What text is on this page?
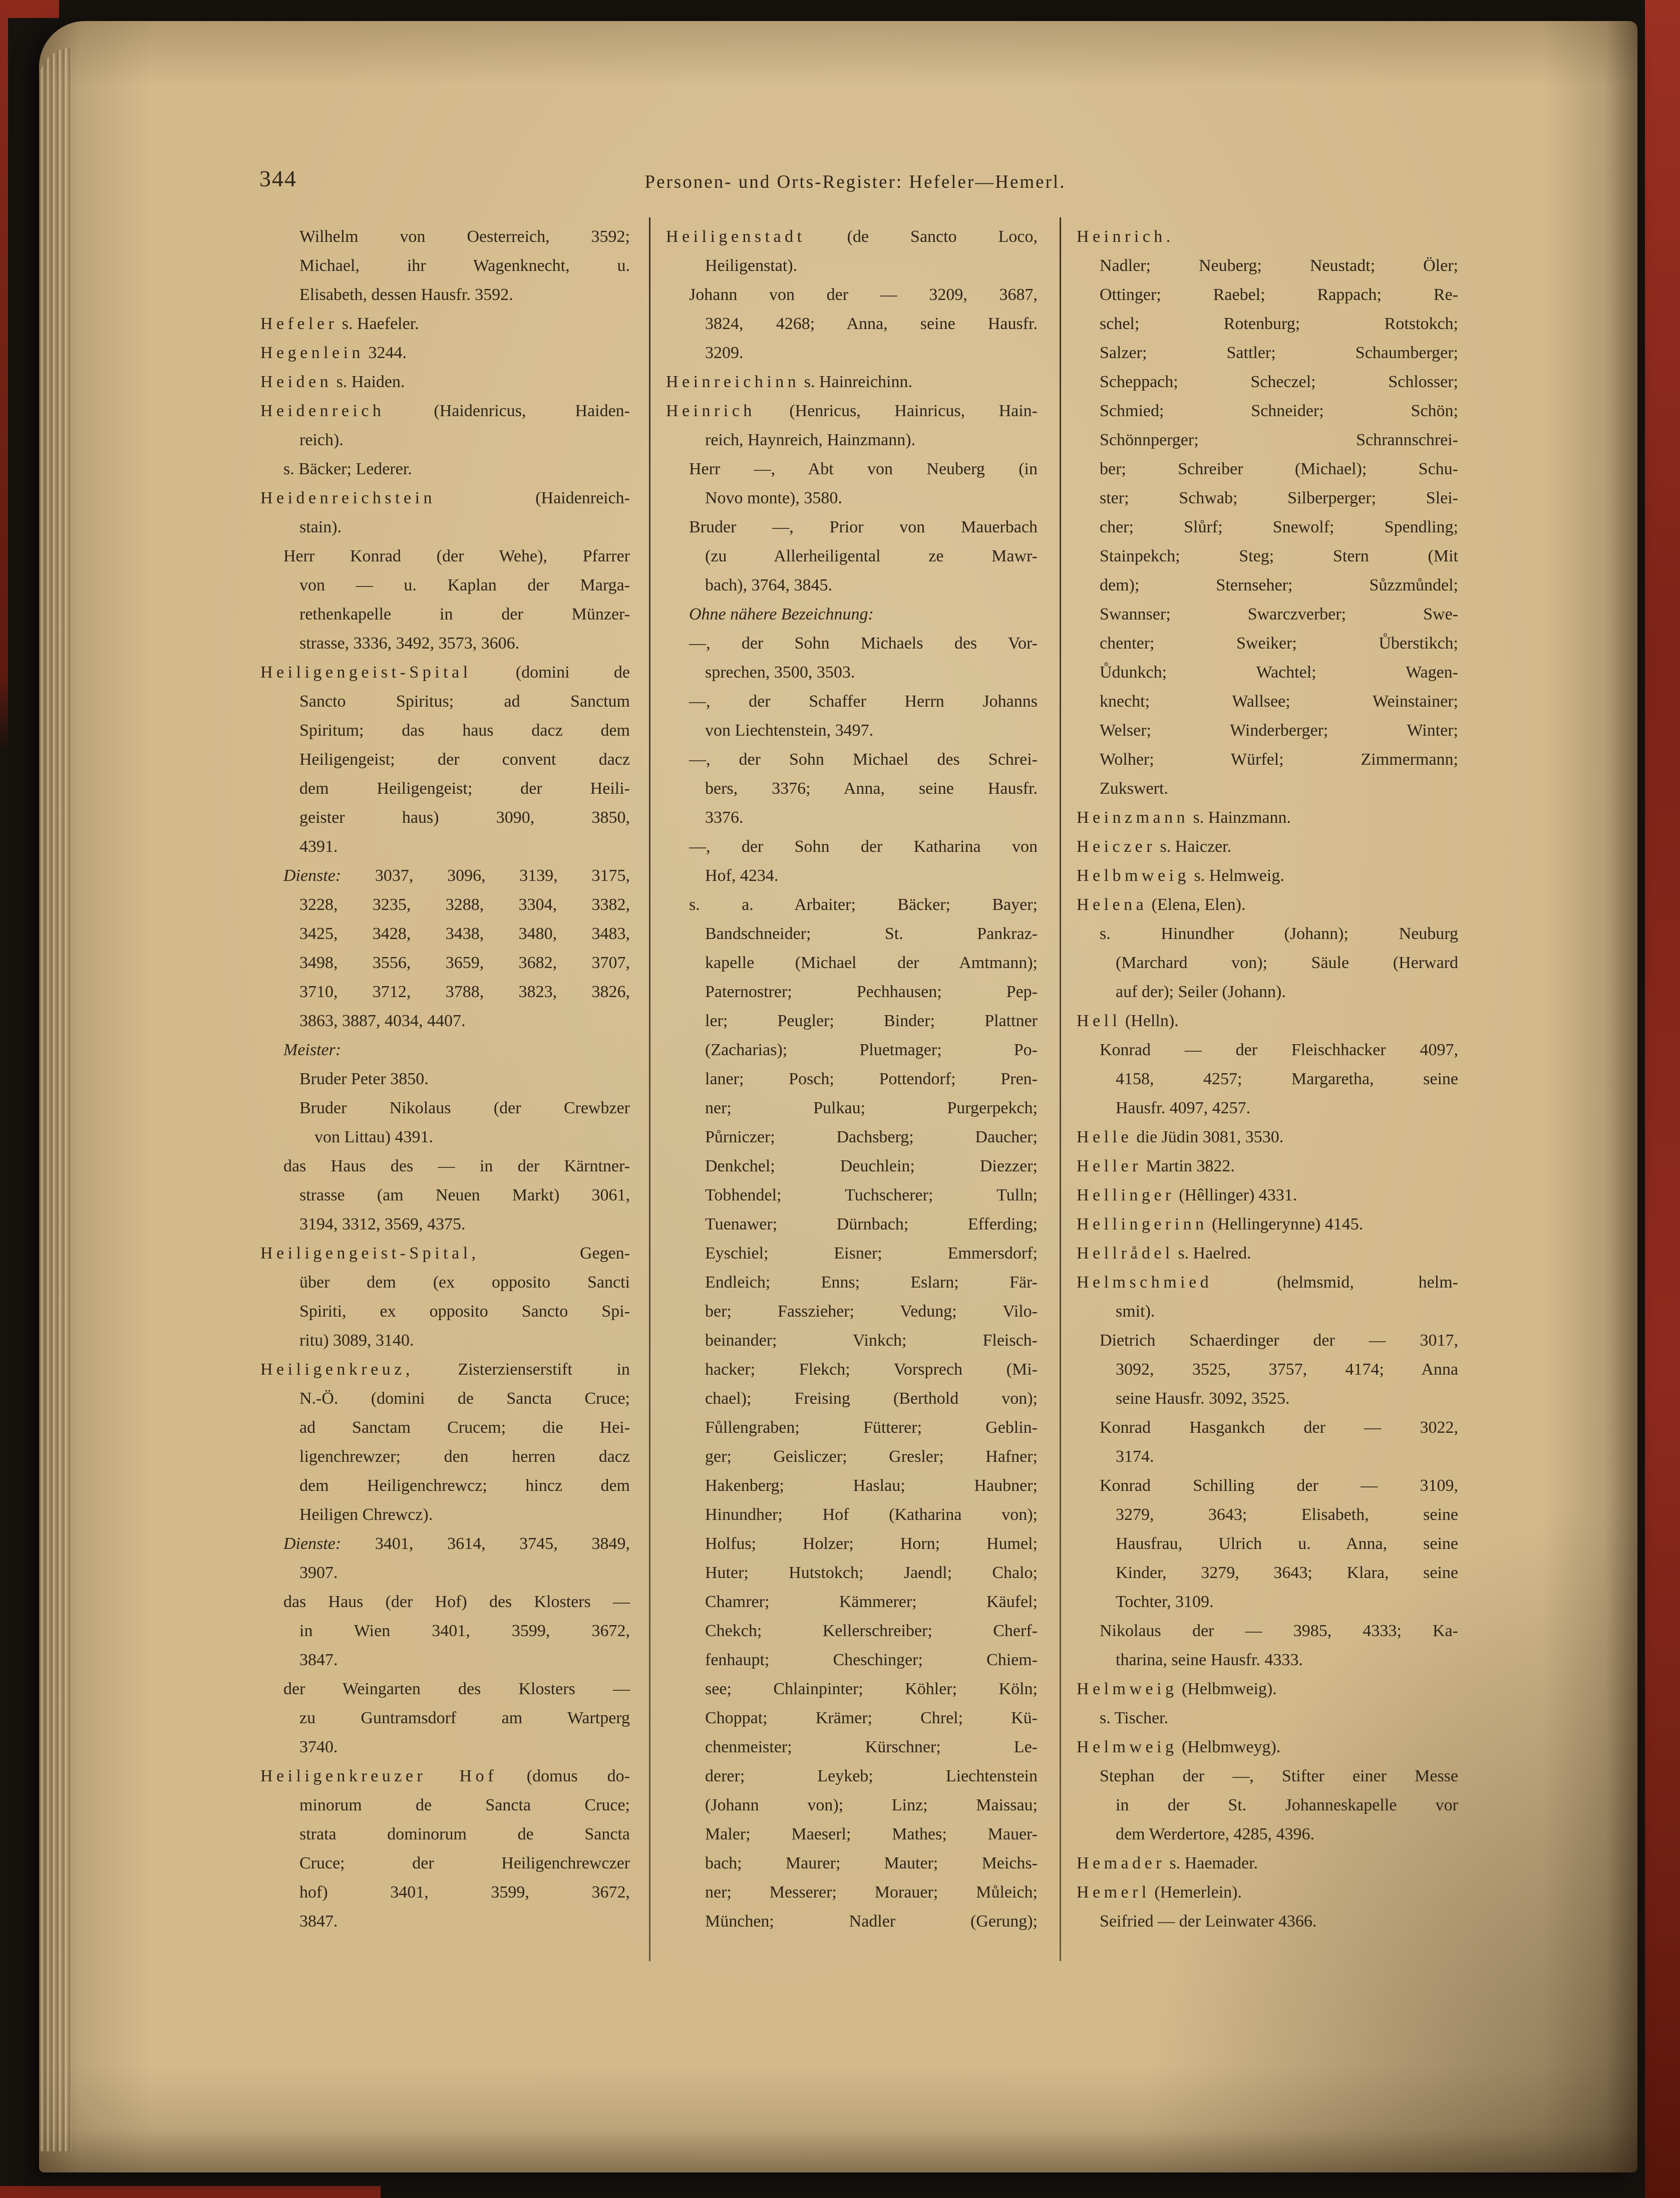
344	Personen- und Orts-Register: Hefeler—Hemerl.
Wilhelm von Oesterreich, 3592;
Michael, ihr Wagenknecht, u.
Elisabeth, dessen Hausfr. 3592.
Hefeler s. Haefeler.
Hegenlein 3244.
Heiden s. Haiden.
Heidenreich (Haidenricus, Haiden-
reich).
s. Bäcker; Lederer.
Heidenreichstein (Haidenreich-
stain).
Herr Konrad (der Wehe), Pfarrer
von — u. Kaplan der Marga-
rethenkapelle in der Münzer-
strasse, 3336, 3492, 3573, 3606.
Heiligengeist-Spital (domini de
Sancto Spiritus; ad Sanctum
Spiritum; das haus dacz dem
Heiligengeist; der convent dacz
dem Heiligengeist; der Heili-
geister haus) 3090, 3850,
4391.
Dienste: 3037, 3096, 3139, 3175,
3228, 3235, 3288, 3304, 3382,
3425, 3428, 3438, 3480, 3483,
3498, 3556, 3659, 3682, 3707,
3710, 3712, 3788, 3823, 3826,
3863, 3887, 4034, 4407.
Meister:
Bruder Peter 3850.
Bruder Nikolaus (der Crewbzer
von Littau) 4391.
das Haus des — in der Kärntner-
strasse (am Neuen Markt) 3061,
3194, 3312, 3569, 4375.
Heiligengeist-Spital, Gegen-
über dem (ex opposito Sancti
Spiriti, ex opposito Sancto Spi-
ritu) 3089, 3140.
Heiligenkreuz, Zisterzienserstift in
N.-Ö. (domini de Sancta Cruce;
ad Sanctam Crucem; die Hei-
ligenchrewzer; den herren dacz
dem Heiligenchrewcz; hincz dem
Heiligen Chrewcz).
Dienste: 3401, 3614, 3745, 3849,
3907.
das Haus (der Hof) des Klosters —
in Wien 3401, 3599, 3672,
3847.
der Weingarten des Klosters —
zu Guntramsdorf am Wartperg
3740.
Heiligenkreuzer Hof (domus do-
minorum de Sancta Cruce;
strata dominorum de Sancta
Cruce; der Heiligenchrewczer
hof) 3401, 3599, 3672,
3847.
Heiligenstadt (de Sancto Loco,
Heiligenstat).
Johann von der — 3209, 3687,
3824, 4268; Anna, seine Hausfr.
3209.
Heinreichinn s. Hainreichinn.
Heinrich (Henricus, Hainricus, Hain-
reich, Haynreich, Hainzmann).
Herr —, Abt von Neuberg (in
Novo monte), 3580.
Bruder —, Prior von Mauerbach
(zu Allerheiligental ze Mawr-
bach), 3764, 3845.
Ohne nähere Bezeichnung:
—, der Sohn Michaels des Vor-
sprechen, 3500, 3503.
—, der Schaffer Herrn Johanns
von Liechtenstein, 3497.
—, der Sohn Michael des Schrei-
bers, 3376; Anna, seine Hausfr.
3376.
—, der Sohn der Katharina von
Hof, 4234.
s. a. Arbaiter; Bäcker; Bayer;
Bandschneider; St. Pankraz-
kapelle (Michael der Amtmann);
Paternostrer; Pechhausen; Pep-
ler; Peugler; Binder; Plattner
(Zacharias); Pluetmager; Po-
laner; Posch; Pottendorf; Pren-
ner; Pulkau; Purgerpekch;
Půrniczer; Dachsberg; Daucher;
Denkchel; Deuchlein; Diezzer;
Tobhendel; Tuchscherer; Tulln;
Tuenawer; Dürnbach; Efferding;
Eyschiel; Eisner; Emmersdorf;
Endleich; Enns; Eslarn; Fär-
ber; Fasszieher; Vedung; Vilo-
beinander; Vinkch; Fleisch-
hacker; Flekch; Vorsprech (Mi-
chael); Freising (Berthold von);
Fůllengraben; Fütterer; Geblin-
ger; Geisliczer; Gresler; Hafner;
Hakenberg; Haslau; Haubner;
Hinundher; Hof (Katharina von);
Holfus; Holzer; Horn; Humel;
Huter; Hutstokch; Jaendl; Chalo;
Chamrer; Kämmerer; Käufel;
Chekch; Kellerschreiber; Cherf-
fenhaupt; Cheschinger; Chiem-
see; Chlainpinter; Köhler; Köln;
Choppat; Krämer; Chrel; Kü-
chenmeister; Kürschner; Le-
derer; Leykeb; Liechtenstein
(Johann von); Linz; Maissau;
Maler; Maeserl; Mathes; Mauer-
bach; Maurer; Mauter; Meichs-
ner; Messerer; Morauer; Můleich;
München; Nadler (Gerung);
Heinrich.
Nadler; Neuberg; Neustadt; Öler;
Ottinger; Raebel; Rappach; Re-
schel; Rotenburg; Rotstokch;
Salzer; Sattler; Schaumberger;
Scheppach; Scheczel; Schlosser;
Schmied; Schneider; Schön;
Schönnperger; Schrannschrei-
ber; Schreiber (Michael); Schu-
ster; Schwab; Silberperger; Slei-
cher; Slůrf; Snewolf; Spendling;
Stainpekch; Steg; Stern (Mit
dem); Sternseher; Sůzzmůndel;
Swannser; Swarczverber; Swe-
chenter; Sweiker; Ůberstikch;
Ůdunkch; Wachtel; Wagen-
knecht; Wallsee; Weinstainer;
Welser; Winderberger; Winter;
Wolher; Würfel; Zimmermann;
Zukswert.
Heinzmann s. Hainzmann.
Heiczer s. Haiczer.
Helbmweig s. Helmweig.
Helena (Elena, Elen).
s. Hinundher (Johann); Neuburg
(Marchard von); Säule (Herward
auf der); Seiler (Johann).
Hell (Helln).
Konrad — der Fleischhacker 4097,
4158, 4257; Margaretha, seine
Hausfr. 4097, 4257.
Helle die Jüdin 3081, 3530.
Heller Martin 3822.
Hellinger (Hêllinger) 4331.
Hellingerinn (Hellingerynne) 4145.
Hellrådel s. Haelred.
Helmschmied (helmsmid, helm-
smit).
Dietrich Schaerdinger der — 3017,
3092, 3525, 3757, 4174; Anna
seine Hausfr. 3092, 3525.
Konrad Hasgankch der — 3022,
3174.
Konrad Schilling der — 3109,
3279, 3643; Elisabeth, seine
Hausfrau, Ulrich u. Anna, seine
Kinder, 3279, 3643; Klara, seine
Tochter, 3109.
Nikolaus der — 3985, 4333; Ka-
tharina, seine Hausfr. 4333.
Helmweig (Helbmweig).
s. Tischer.
Helmweig (Helbmweyg).
Stephan der —, Stifter einer Messe
in der St. Johanneskapelle vor
dem Werdertore, 4285, 4396.
Hemader s. Haemader.
Hemerl (Hemerlein).
Seifried — der Leinwater 4366.
